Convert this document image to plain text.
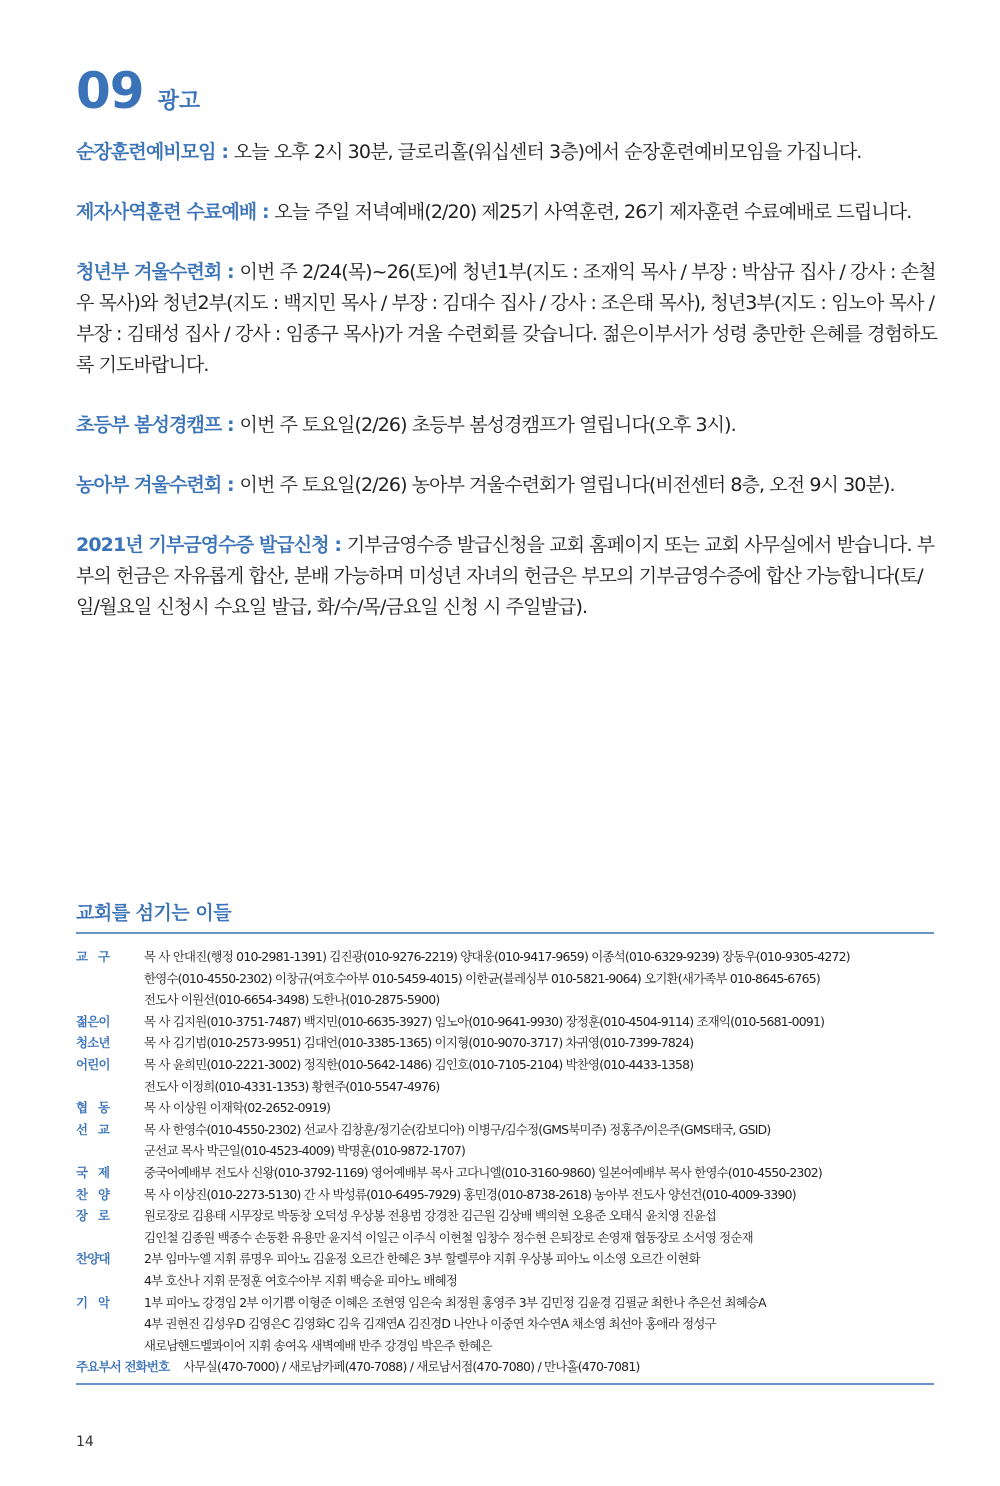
09 광고

순장훈련예비모임 : 오늘 오후 2시 30분, 글로리홀(워십센터 3층)에서 순장훈련예비모임을 가집니다.

제자사역훈련 수료예배 : 오늘 주일 저녁예배(2/20) 제25기 사역훈련, 26기 제자훈련 수료예배로 드립니다.

청년부 겨울수련회 : 이번 주 2/24(목)~26(토)에 청년1부(지도 : 조재익 목사 / 부장 : 박삼규 집사 / 강사 : 손철우 목사)와 청년2부(지도 : 백지민 목사 / 부장 : 김대수 집사 / 강사 : 조은태 목사), 청년3부(지도 : 임노아 목사 / 부장 : 김태성 집사 / 강사 : 임종구 목사)가 겨울 수련회를 갖습니다. 젊은이부서가 성령 충만한 은혜를 경험하도록 기도바랍니다.

초등부 봄성경캠프 : 이번 주 토요일(2/26) 초등부 봄성경캠프가 열립니다(오후 3시).

농아부 겨울수련회 : 이번 주 토요일(2/26) 농아부 겨울수련회가 열립니다(비전센터 8층, 오전 9시 30분).

2021년 기부금영수증 발급신청 : 기부금영수증 발급신청을 교회 홈페이지 또는 교회 사무실에서 받습니다. 부부의 헌금은 자유롭게 합산, 분배 가능하며 미성년 자녀의 헌금은 부모의 기부금영수증에 합산 가능합니다(토/일/월요일 신청시 수요일 발급, 화/수/목/금요일 신청 시 주일발급).

교회를 섬기는 이들
교구	목 사 안대진(행정 010-2981-1391) 김진광(010-9276-2219) 양대웅(010-9417-9659) 이종석(010-6329-9239) 장동우(010-9305-4272)
한영수(010-4550-2302) 이창규(여호수아부 010-5459-4015) 이한균(블레싱부 010-5821-9064) 오기환(새가족부 010-8645-6765)
전도사 이원선(010-6654-3498) 도한나(010-2875-5900)
젊은이	목 사 김지원(010-3751-7487) 백지민(010-6635-3927) 임노아(010-9641-9930) 장정훈(010-4504-9114) 조재익(010-5681-0091)
청소년	목 사 김기범(010-2573-9951) 김대언(010-3385-1365) 이지형(010-9070-3717) 차귀영(010-7399-7824)
어린이	목 사 윤희민(010-2221-3002) 정직한(010-5642-1486) 김인호(010-7105-2104) 박찬영(010-4433-1358)
전도사 이정희(010-4331-1353) 황현주(010-5547-4976)
협동	목 사 이상원 이재학(02-2652-0919)
선교	목 사 한영수(010-4550-2302) 선교사 김창훈/정기순(캄보디아) 이병구/김수정(GMS북미주) 정홍주/이은주(GMS태국, GSID)
군선교 목사 박근일(010-4523-4009) 박명훈(010-9872-1707)
국제	중국어예배부 전도사 신왕(010-3792-1169) 영어예배부 목사 고다니엘(010-3160-9860) 일본어예배부 목사 한영수(010-4550-2302)
찬양	목 사 이상진(010-2273-5130) 간 사 박성류(010-6495-7929) 홍민경(010-8738-2618) 농아부 전도사 양선건(010-4009-3390)
장로	원로장로 김용태 시무장로 박동창 오덕성 우상봉 전용범 강경찬 김근원 김상배 백의현 오용준 오태식 윤치영 진윤섭
김인철 김종원 백종수 손동환 유용만 윤지석 이일근 이주식 이현철 임창수 정수현 은퇴장로 손영재 협동장로 소서영 정순재
찬양대	2부 임마누엘 지휘 류명우 피아노 김윤정 오르간 한혜은 3부 할렐루야 지휘 우상봉 피아노 이소영 오르간 이현화
4부 호산나 지휘 문정훈 여호수아부 지휘 백승윤 피아노 배혜정
기악	1부 피아노 강경임 2부 이기쁨 이형준 이혜은 조현영 임은숙 최정원 홍영주 3부 김민정 김윤경 김필균 최한나 추은선 최혜승A
4부 권현진 김성우D 김영은C 김영화C 김욱 김재연A 김진경D 나안나 이중연 차수연A 채소영 최선아 홍애라 정성구
새로남핸드벨콰이어 지휘 송여옥 새벽예배 반주 강경임 박은주 한혜은
주요부서 전화번호 사무실(470-7000) / 새로남카페(470-7088) / 새로남서점(470-7080) / 만나홀(470-7081)
14
